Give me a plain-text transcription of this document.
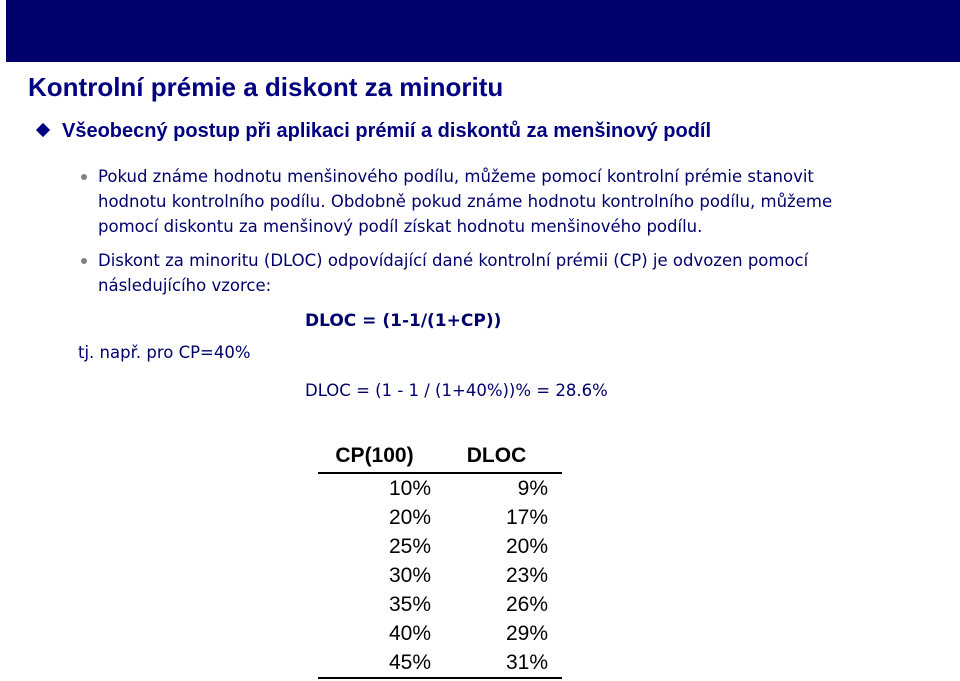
Kontrolní prémie a diskont za minoritu
Všeobecný postup při aplikaci prémií a diskontů za menšinový podíl
Pokud známe hodnotu menšinového podílu, můžeme pomocí kontrolní prémie stanovit
hodnotu kontrolního podílu. Obdobně pokud známe hodnotu kontrolního podílu, můžeme
pomocí diskontu za menšinový podíl získat hodnotu menšinového podílu.
Diskont za minoritu (DLOC) odpovídající dané kontrolní prémii (CP) je odvozen pomocí
následujícího vzorce:
DLOC = (1-1/(1+CP))
tj. např. pro CP=40%
DLOC = (1 - 1 / (1+40%))% = 28.6%
CP(100)	DLOC
10%	9%
20%	17%
25%	20%
30%	23%
35%	26%
40%	29%
45%	31%
